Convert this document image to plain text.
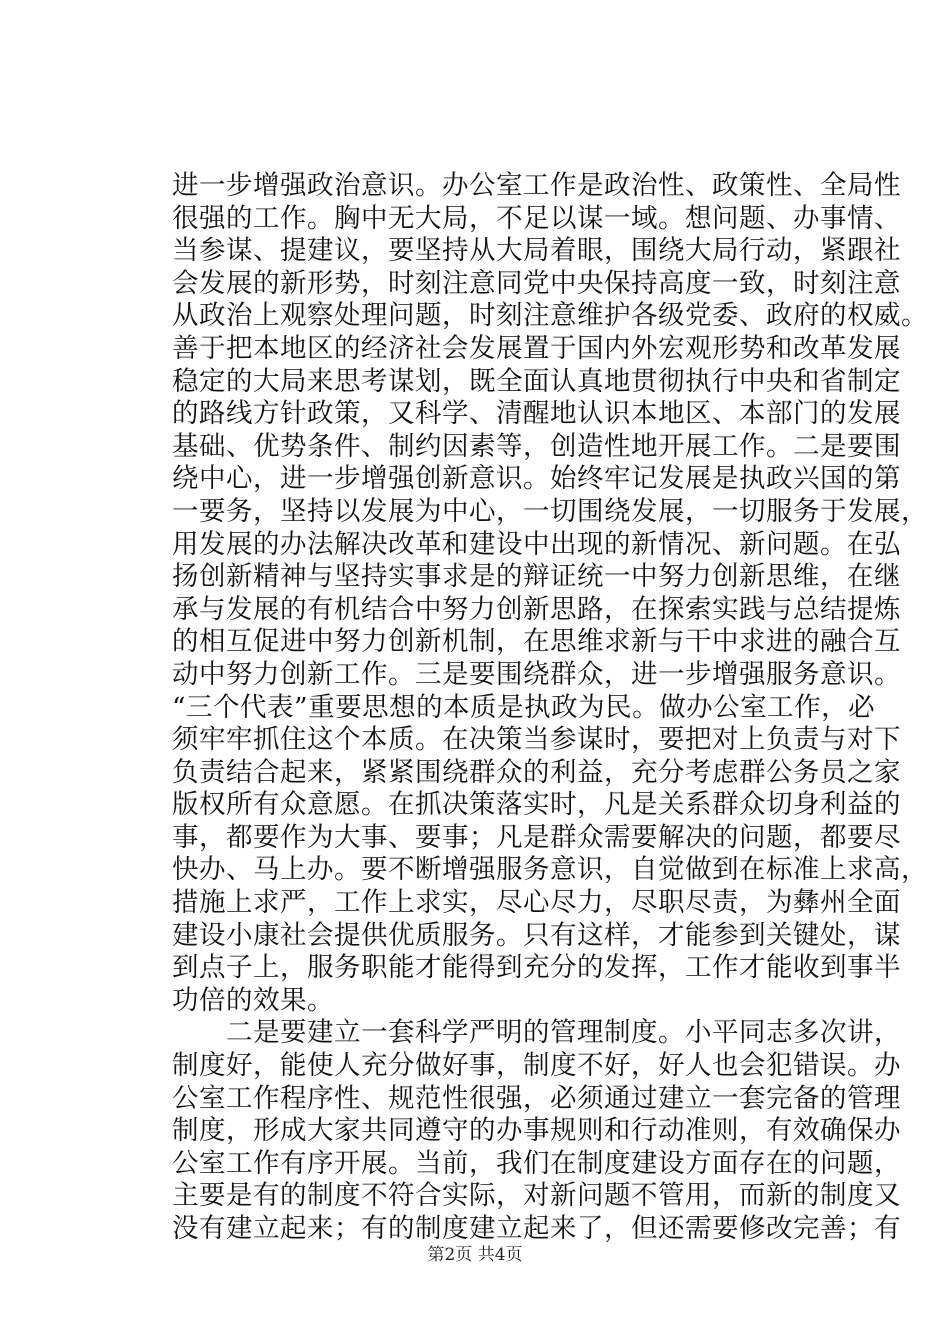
进一步增强政治意识。办公室工作是政治性、政策性、全局性
很强的工作。胸中无大局，不足以谋一域。想问题、办事情、
当参谋、提建议，要坚持从大局着眼，围绕大局行动，紧跟社
会发展的新形势，时刻注意同党中央保持高度一致，时刻注意
从政治上观察处理问题，时刻注意维护各级党委、政府的权威。
善于把本地区的经济社会发展置于国内外宏观形势和改革发展
稳定的大局来思考谋划，既全面认真地贯彻执行中央和省制定
的路线方针政策，又科学、清醒地认识本地区、本部门的发展
基础、优势条件、制约因素等，创造性地开展工作。二是要围
绕中心，进一步增强创新意识。始终牢记发展是执政兴国的第
一要务，坚持以发展为中心，一切围绕发展，一切服务于发展，
用发展的办法解决改革和建设中出现的新情况、新问题。在弘
扬创新精神与坚持实事求是的辩证统一中努力创新思维，在继
承与发展的有机结合中努力创新思路，在探索实践与总结提炼
的相互促进中努力创新机制，在思维求新与干中求进的融合互
动中努力创新工作。三是要围绕群众，进一步增强服务意识。
“三个代表”重要思想的本质是执政为民。做办公室工作，必
须牢牢抓住这个本质。在决策当参谋时，要把对上负责与对下
负责结合起来，紧紧围绕群众的利益，充分考虑群公务员之家
版权所有众意愿。在抓决策落实时，凡是关系群众切身利益的
事，都要作为大事、要事；凡是群众需要解决的问题，都要尽
快办、马上办。要不断增强服务意识，自觉做到在标准上求高，
措施上求严，工作上求实，尽心尽力，尽职尽责，为彝州全面
建设小康社会提供优质服务。只有这样，才能参到关键处，谋
到点子上，服务职能才能得到充分的发挥，工作才能收到事半
功倍的效果。
　　二是要建立一套科学严明的管理制度。小平同志多次讲，
制度好，能使人充分做好事，制度不好，好人也会犯错误。办
公室工作程序性、规范性很强，必须通过建立一套完备的管理
制度，形成大家共同遵守的办事规则和行动准则，有效确保办
公室工作有序开展。当前，我们在制度建设方面存在的问题，
主要是有的制度不符合实际，对新问题不管用，而新的制度又
没有建立起来；有的制度建立起来了，但还需要修改完善；有
第2页 共4页
